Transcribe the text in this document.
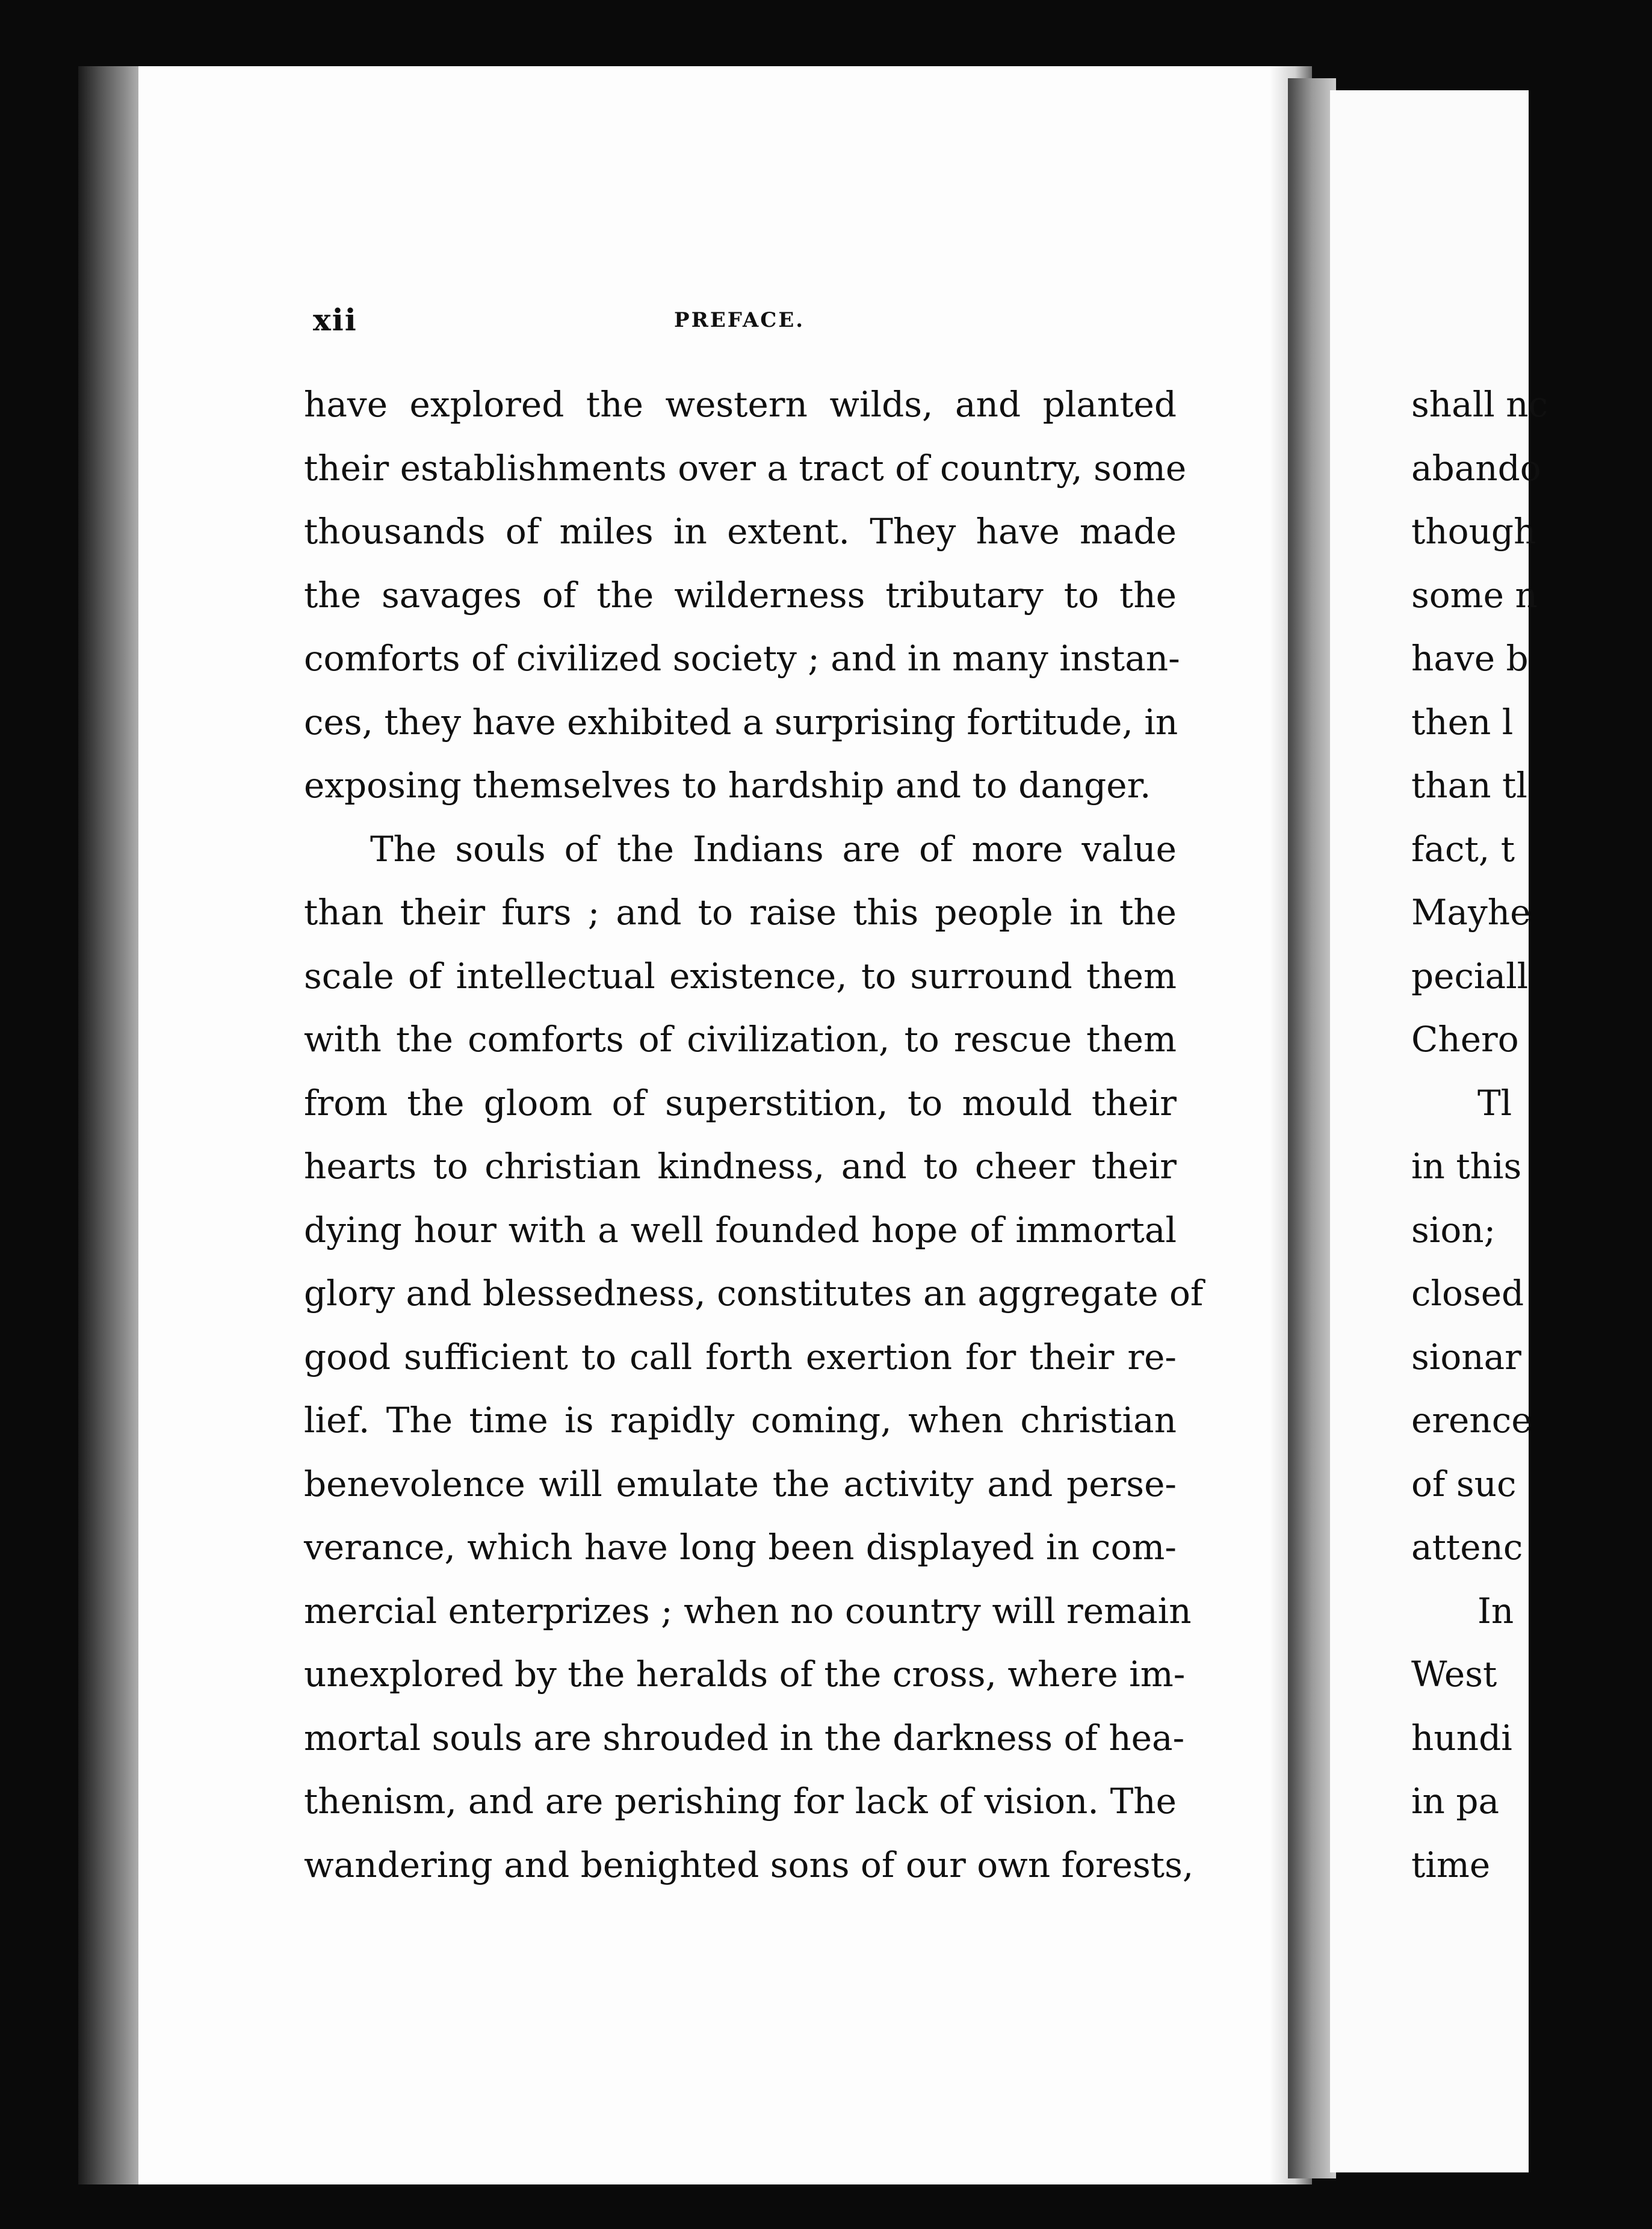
xii	PREFACE.
have explored the western wilds, and planted
their establishments over a tract of country, some
thousands of miles in extent. They have made
the savages of the wilderness tributary to the
comforts of civilized society ; and in many instan-
ces, they have exhibited a surprising fortitude, in
exposing themselves to hardship and to danger.
The souls of the Indians are of more value
than their furs ; and to raise this people in the
scale of intellectual existence, to surround them
with the comforts of civilization, to rescue them
from the gloom of superstition, to mould their
hearts to christian kindness, and to cheer their
dying hour with a well founded hope of immortal
glory and blessedness, constitutes an aggregate of
good sufficient to call forth exertion for their re-
lief. The time is rapidly coming, when christian
benevolence will emulate the activity and perse-
verance, which have long been displayed in com-
mercial enterprizes ; when no country will remain
unexplored by the heralds of the cross, where im-
mortal souls are shrouded in the darkness of hea-
thenism, and are perishing for lack of vision. The
wandering and benighted sons of our own forests,
shall nc
abando
though
some n
have b
then l
than tl
fact, t
Mayhe
peciall
Chero
Tl
in this
sion;
closed
sionar
erence
of suc
attenc
In
West
hundi
in pa
time
